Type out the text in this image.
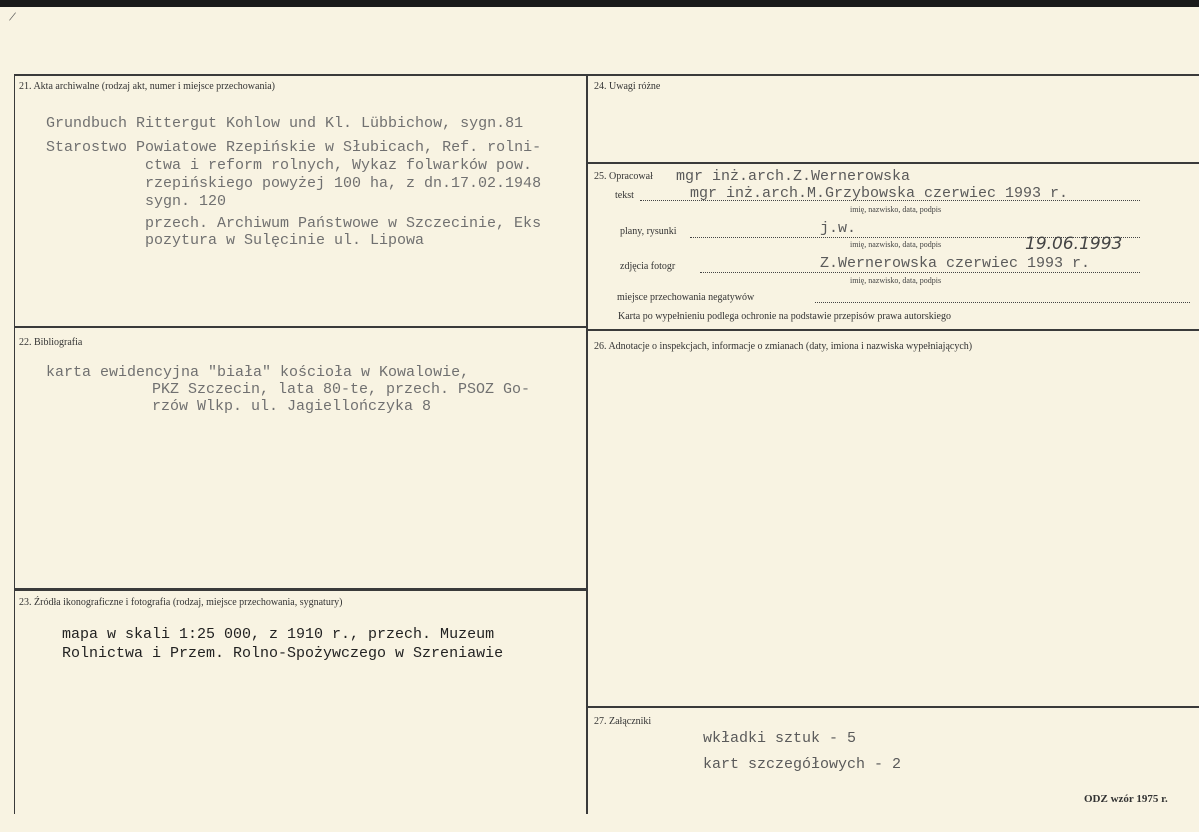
/
21. Akta archiwalne (rodzaj akt, numer i miejsce przechowania)
Grundbuch Rittergut Kohlow und Kl. Lübbichow, sygn.81
Starostwo Powiatowe Rzepińskie w Słubicach, Ref. rolni-
ctwa i reform rolnych, Wykaz folwarków pow.
rzepińskiego powyżej 100 ha, z dn.17.02.1948
sygn. 120
przech. Archiwum Państwowe w Szczecinie, Eks
pozytura w Sulęcinie ul. Lipowa
22. Bibliografia
karta ewidencyjna "biała" kościoła w Kowalowie,
PKZ Szczecin, lata 80-te, przech. PSOZ Go-
rzów Wlkp. ul. Jagiellończyka 8
23. Źródła ikonograficzne i fotografia (rodzaj, miejsce przechowania, sygnatury)
mapa w skali 1:25 000, z 1910 r., przech. Muzeum
Rolnictwa i Przem. Rolno-Spożywczego w Szreniawie
24. Uwagi różne
25. Opracował mgr inż.arch.Z.Wernerowska
tekst	mgr inż.arch.M.Grzybowska czerwiec 1993 r.
imię, nazwisko, data, podpis
plany, rysunki	j.w.
imię, nazwisko, data, podpis	19.06.1993
zdjęcia fotogr	Z.Wernerowska czerwiec 1993 r.
imię, nazwisko, data, podpis
miejsce przechowania negatywów
Karta po wypełnieniu podlega ochronie na podstawie przepisów prawa autorskiego
26. Adnotacje o inspekcjach, informacje o zmianach (daty, imiona i nazwiska wypełniających)
27. Załączniki
wkładki sztuk - 5
kart szczegółowych - 2
ODZ wzór 1975 r.
